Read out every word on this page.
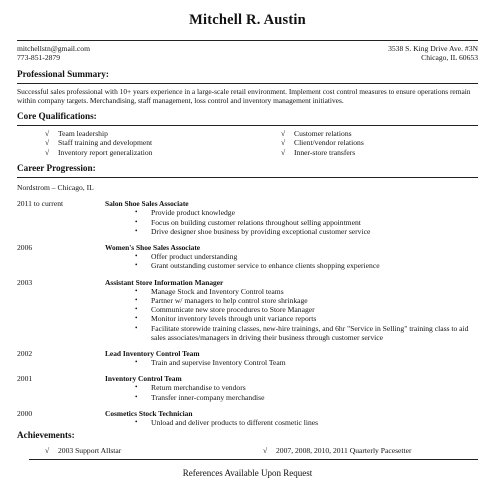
Mitchell R. Austin
mitchellstn@gmail.com
773-851-2879
3538 S. King Drive Ave. #3N
Chicago, IL 60653
Professional Summary:
Successful sales professional with 10+ years experience in a large-scale retail environment. Implement cost control measures to ensure operations remain within company targets. Merchandising, staff management, loss control and inventory management initiatives.
Core Qualifications:
√	Team leadership
√	Staff training and development
√	Inventory report generalization
√	Customer relations
√	Client/vendor relations
√	Inner-store transfers
Career Progression:
Nordstrom – Chicago, IL
2011 to current	Salon Shoe Sales Associate
•	Provide product knowledge
•	Focus on building customer relations throughout selling appointment
•	Drive designer shoe business by providing exceptional customer service
2006	Women's Shoe Sales Associate
•	Offer product understanding
•	Grant outstanding customer service to enhance clients shopping experience
2003	Assistant Store Information Manager
•	Manage Stock and Inventory Control teams
•	Partner w/ managers to help control store shrinkage
•	Communicate new store procedures to Store Manager
•	Monitor inventory levels through unit variance reports
•	Facilitate storewide training classes, new-hire trainings, and 6hr "Service in Selling" training class to aid sales associates/managers in driving their business through customer service
2002	Lead Inventory Control Team
•	Train and supervise Inventory Control Team
2001	Inventory Control Team
•	Return merchandise to vendors
•	Transfer inner-company merchandise
2000	Cosmetics Stock Technician
•	Unload and deliver products to different cosmetic lines
Achievements:
√	2003 Support Allstar	√	2007, 2008, 2010, 2011 Quarterly Pacesetter
References Available Upon Request
